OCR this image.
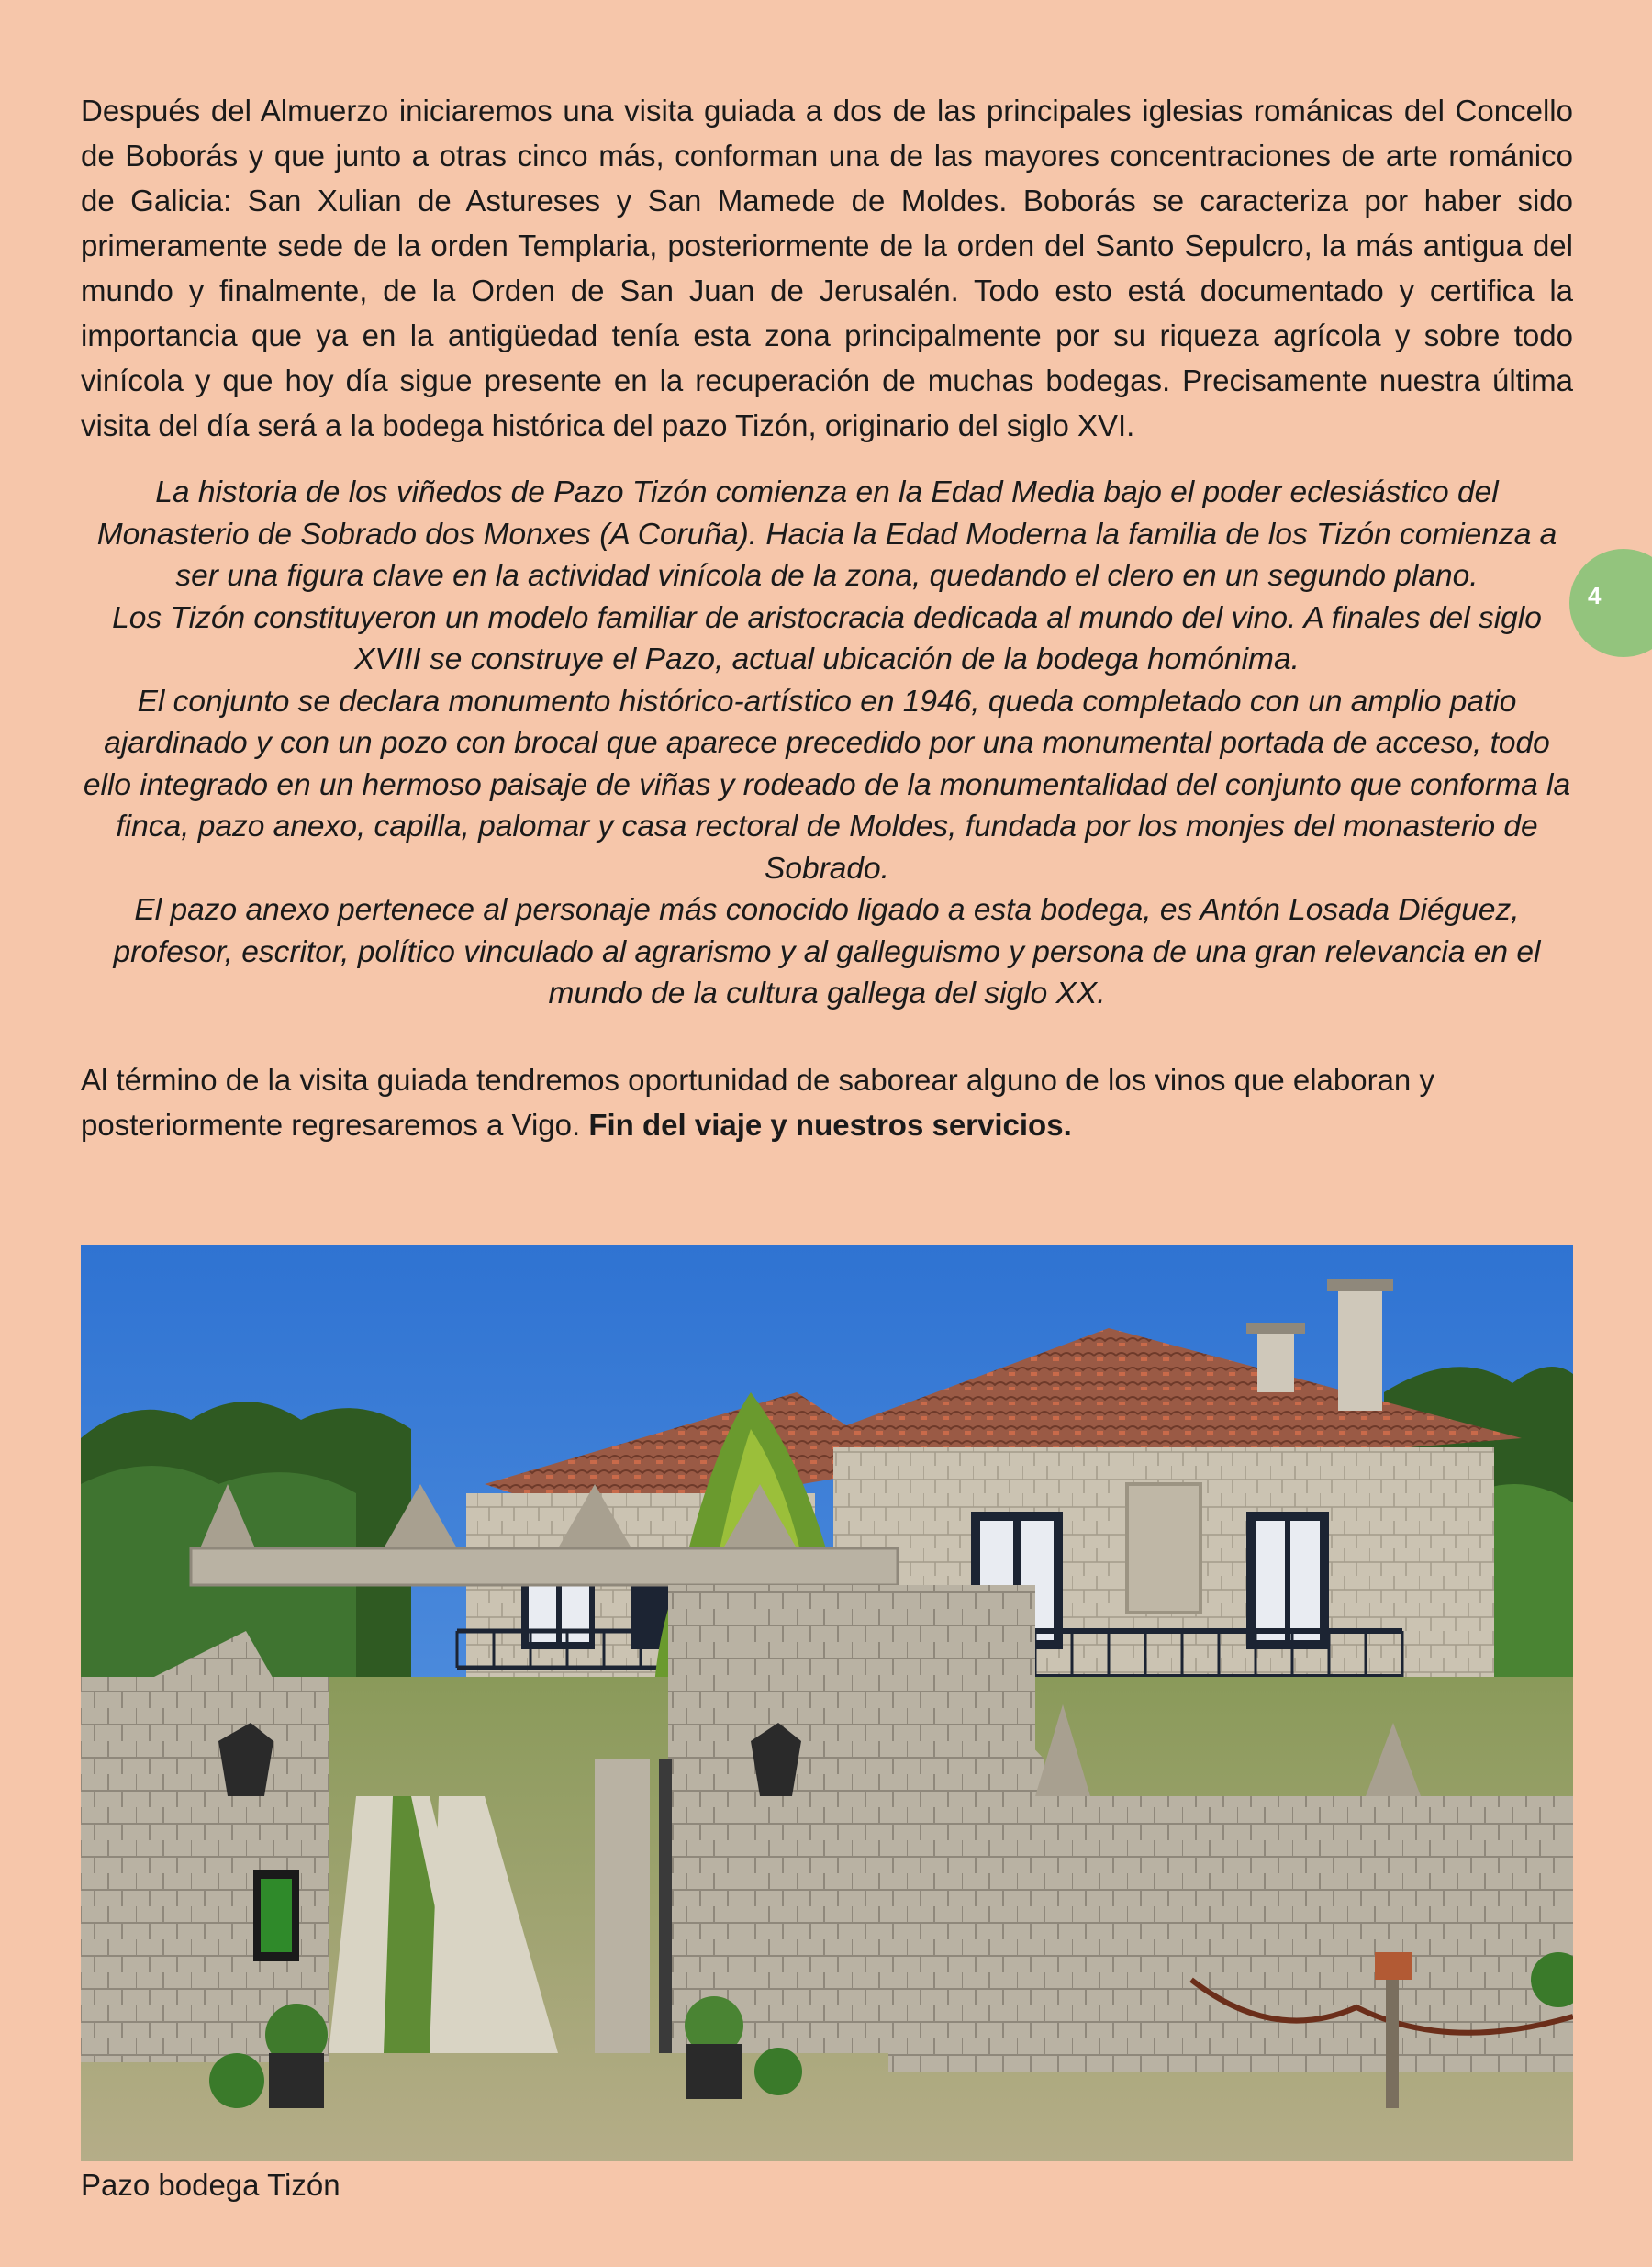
4

Después del Almuerzo iniciaremos una visita guiada a dos de las principales iglesias románicas del Concello de Boborás y que junto a otras cinco más, conforman una de las mayores concentraciones de arte románico de Galicia: San Xulian de Astureses y San Mamede de Moldes. Boborás se caracteriza por haber sido primeramente sede de la orden Templaria, posteriormente de la orden del Santo Sepulcro, la más antigua del mundo y finalmente, de la Orden de San Juan de Jerusalén. Todo esto está documentado y certifica la importancia que ya en la antigüedad tenía esta zona principalmente por su riqueza agrícola y sobre todo vinícola y que hoy día sigue presente en la recuperación de muchas bodegas. Precisamente nuestra última visita del día será a la bodega histórica del pazo Tizón, originario del siglo XVI.

La historia de los viñedos de Pazo Tizón comienza en la Edad Media bajo el poder eclesiástico del Monasterio de Sobrado dos Monxes (A Coruña). Hacia la Edad Moderna la familia de los Tizón comienza a ser una figura clave en la actividad vinícola de la zona, quedando el clero en un segundo plano.

Los Tizón constituyeron un modelo familiar de aristocracia dedicada al mundo del vino. A finales del siglo XVIII se construye el Pazo, actual ubicación de la bodega homónima.

El conjunto se declara monumento histórico-artístico en 1946, queda completado con un amplio patio ajardinado y con un pozo con brocal que aparece precedido por una monumental portada de acceso, todo ello integrado en un hermoso paisaje de viñas y rodeado de la monumentalidad del conjunto que conforma la finca, pazo anexo, capilla, palomar y casa rectoral de Moldes, fundada por los monjes del monasterio de Sobrado.

El pazo anexo pertenece al personaje más conocido ligado a esta bodega, es Antón Losada Diéguez, profesor, escritor, político vinculado al agrarismo y al galleguismo y persona de una gran relevancia en el mundo de la cultura gallega del siglo XX.

Al término de la visita guiada tendremos oportunidad de saborear alguno de los vinos que elaboran y posteriormente regresaremos a Vigo. Fin del viaje y nuestros servicios.

Pazo bodega Tizón
